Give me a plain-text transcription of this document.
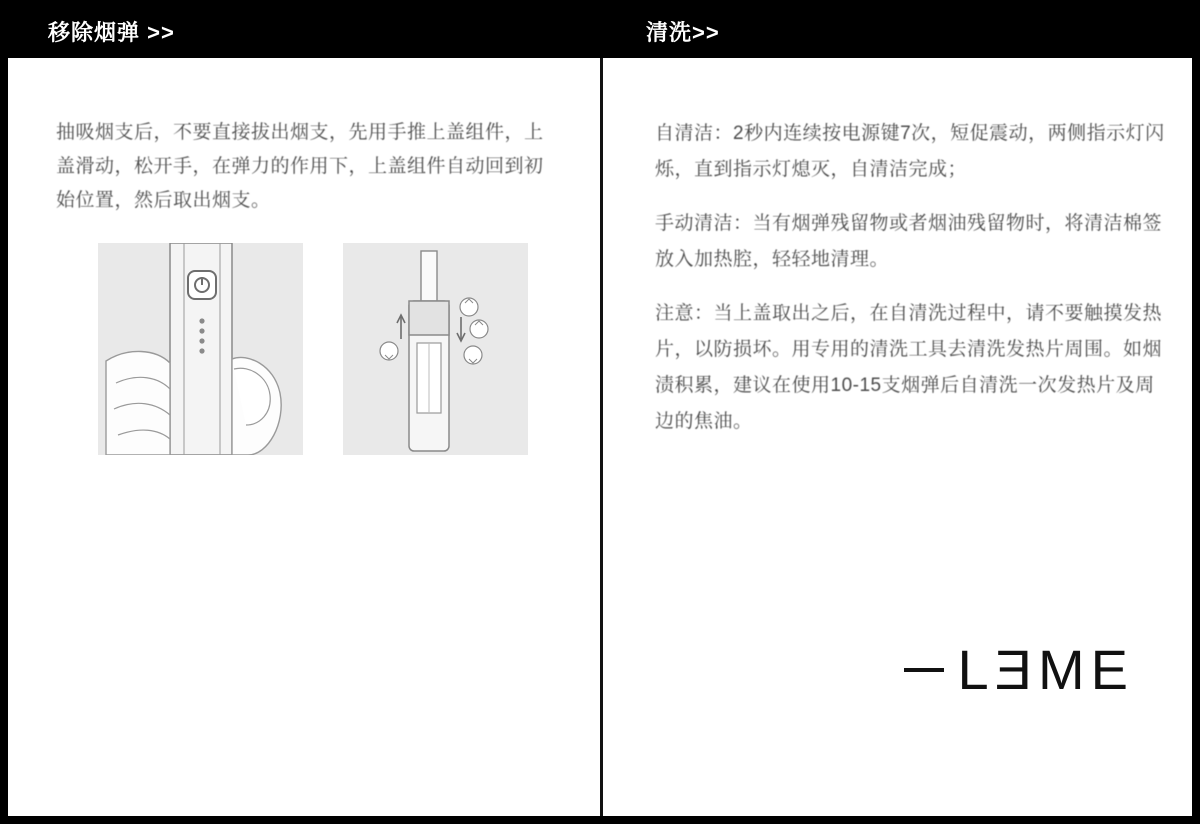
移除烟弹 >>	清洗>>
抽吸烟支后，不要直接拔出烟支，先用手推上盖组件，上盖滑动，松开手，在弹力的作用下，上盖组件自动回到初始位置，然后取出烟支。
自清洁：2秒内连续按电源键7次，短促震动，两侧指示灯闪烁，直到指示灯熄灭，自清洁完成；
手动清洁：当有烟弹残留物或者烟油残留物时，将清洁棉签放入加热腔，轻轻地清理。
注意：当上盖取出之后，在自清洗过程中，请不要触摸发热片，以防损坏。用专用的清洗工具去清洗发热片周围。如烟渍积累，建议在使用10-15支烟弹后自清洗一次发热片及周边的焦油。
LƎME
